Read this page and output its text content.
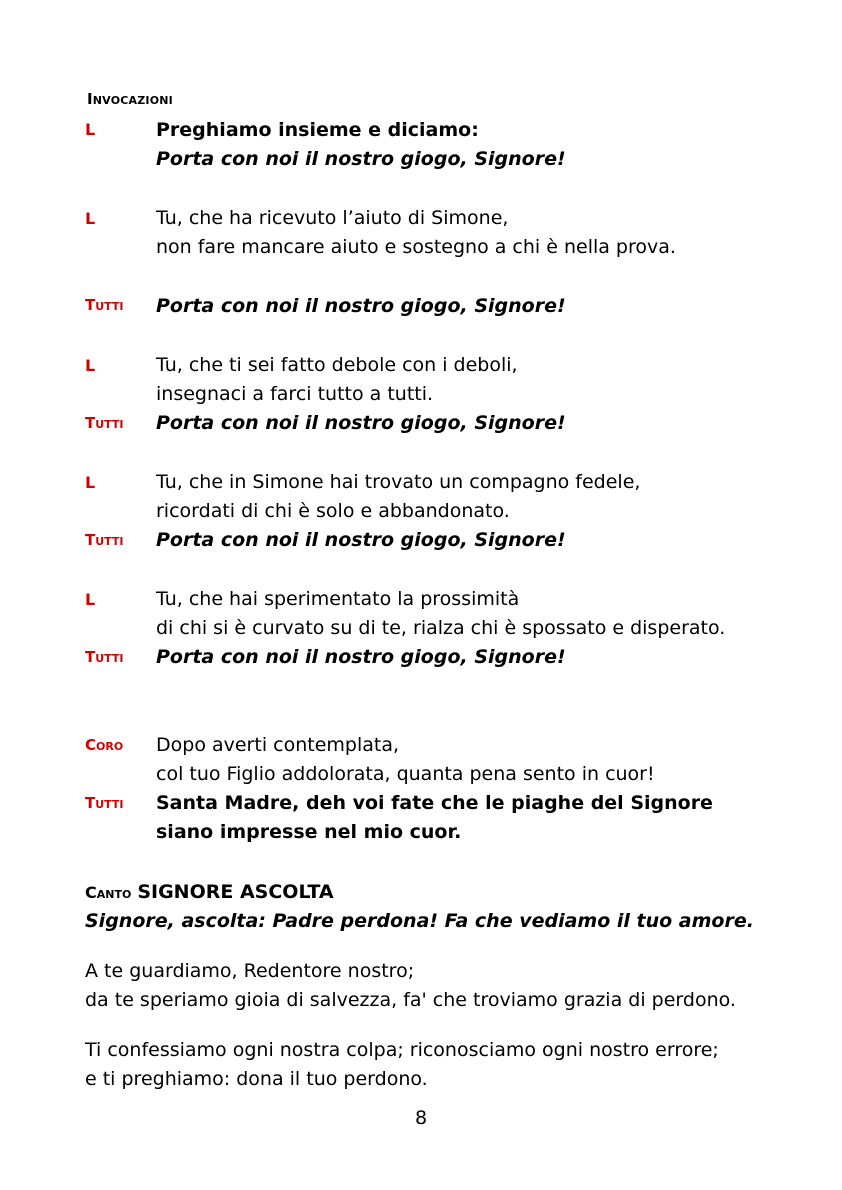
Invocazioni
L	Preghiamo insieme e diciamo:
Porta con noi il nostro giogo, Signore!
L	Tu, che ha ricevuto l’aiuto di Simone,
non fare mancare aiuto e sostegno a chi è nella prova.
Tutti Porta con noi il nostro giogo, Signore!
L	Tu, che ti sei fatto debole con i deboli,
insegnaci a farci tutto a tutti.
Tutti Porta con noi il nostro giogo, Signore!
L	Tu, che in Simone hai trovato un compagno fedele,
ricordati di chi è solo e abbandonato.
Tutti Porta con noi il nostro giogo, Signore!
L	Tu, che hai sperimentato la prossimità
di chi si è curvato su di te, rialza chi è spossato e disperato.
Tutti Porta con noi il nostro giogo, Signore!
Coro Dopo averti contemplata,
col tuo Figlio addolorata, quanta pena sento in cuor!
Tutti Santa Madre, deh voi fate che le piaghe del Signore
siano impresse nel mio cuor.
Canto SIGNORE ASCOLTA
Signore, ascolta: Padre perdona! Fa che vediamo il tuo amore.
A te guardiamo, Redentore nostro;
da te speriamo gioia di salvezza, fa' che troviamo grazia di perdono.
Ti confessiamo ogni nostra colpa; riconosciamo ogni nostro errore;
e ti preghiamo: dona il tuo perdono.
8
